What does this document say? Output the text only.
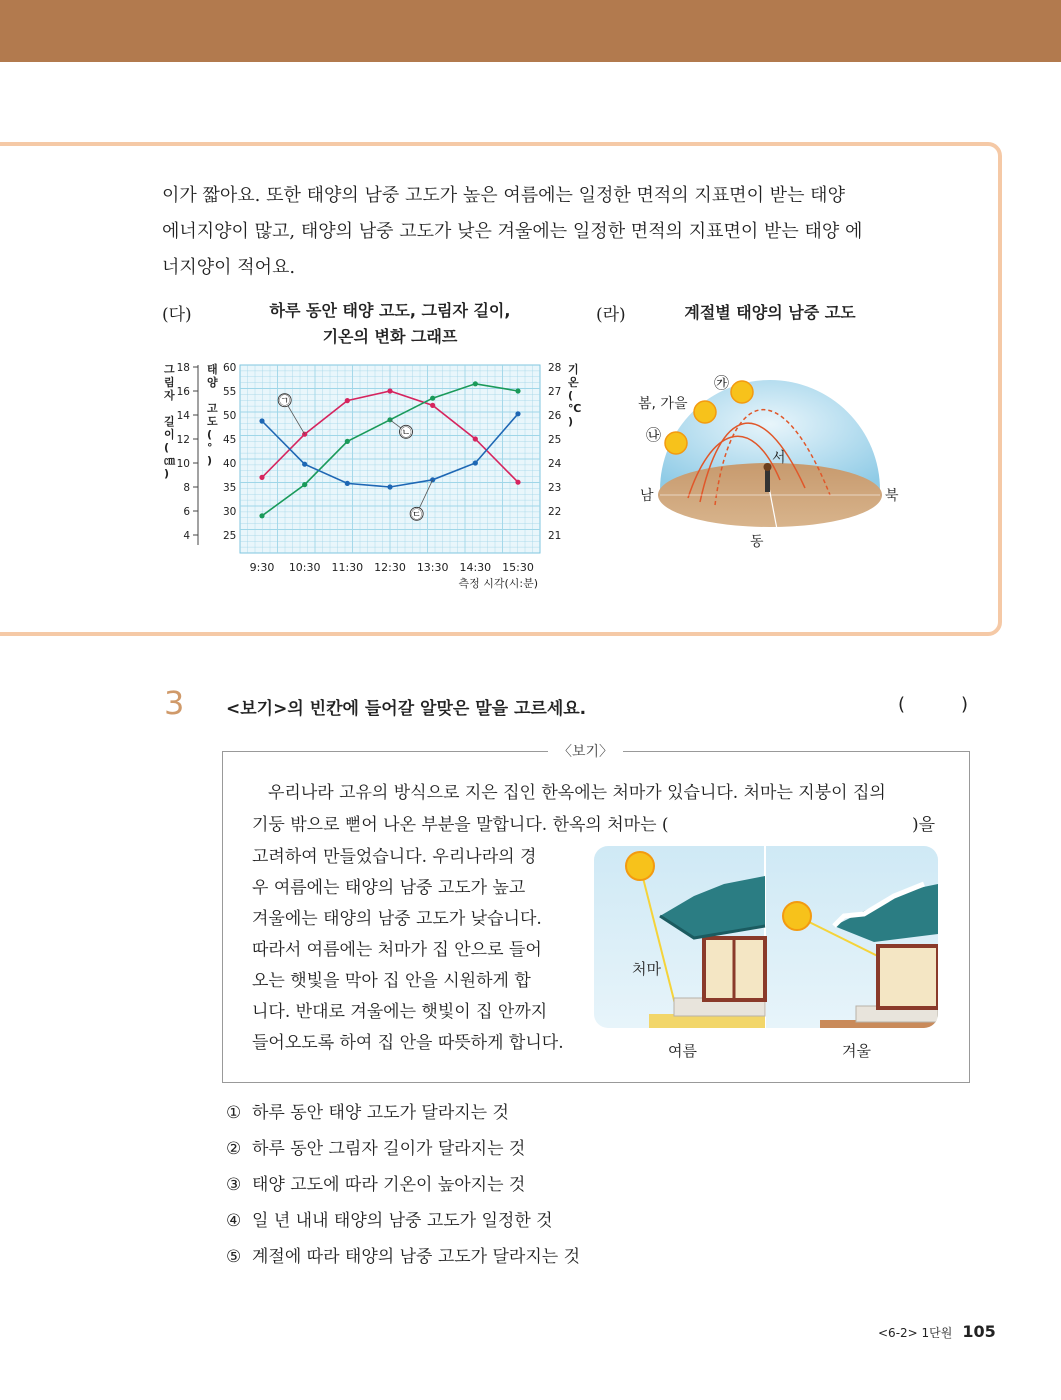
이가 짧아요. 또한 태양의 남중 고도가 높은 여름에는 일정한 면적의 지표면이 받는 태양
에너지양이 많고, 태양의 남중 고도가 낮은 겨울에는 일정한 면적의 지표면이 받는 태양 에
너지양이 적어요.
(다)	하루 동안 태양 고도, 그림자 길이,
기온의 변화 그래프
9:30 10:30 11:30 12:30 13:30 14:30 15:30
측정 시각(시:분)
18
16
14
12
10
8
6
4
60
55
50
45
40
35
30
25
28
27
26
25
24
23
22
21
그 림 자 길 이 ( ㎝ )
태 양 고 도 ( ° )
기 온 ( ℃ )
㉠
㉡
㉢
(라)	계절별 태양의 남중 고도
봄, 가을
㉮
㉯
서
남	북
동
3 <보기>의 빈칸에 들어갈 알맞은 말을 고르세요.	(	)
〈보기〉
우리나라 고유의 방식으로 지은 집인 한옥에는 처마가 있습니다. 처마는 지붕이 집의
기둥 밖으로 뻗어 나온 부분을 말합니다. 한옥의 처마는 (	)을
고려하여 만들었습니다. 우리나라의 경
우 여름에는 태양의 남중 고도가 높고
겨울에는 태양의 남중 고도가 낮습니다.
따라서 여름에는 처마가 집 안으로 들어
오는 햇빛을 막아 집 안을 시원하게 합
니다. 반대로 겨울에는 햇빛이 집 안까지
들어오도록 하여 집 안을 따뜻하게 합니다.
처마
여름	겨울
① 하루 동안 태양 고도가 달라지는 것
② 하루 동안 그림자 길이가 달라지는 것
③ 태양 고도에 따라 기온이 높아지는 것
④ 일 년 내내 태양의 남중 고도가 일정한 것
⑤ 계절에 따라 태양의 남중 고도가 달라지는 것
<6-2> 1단원 105
